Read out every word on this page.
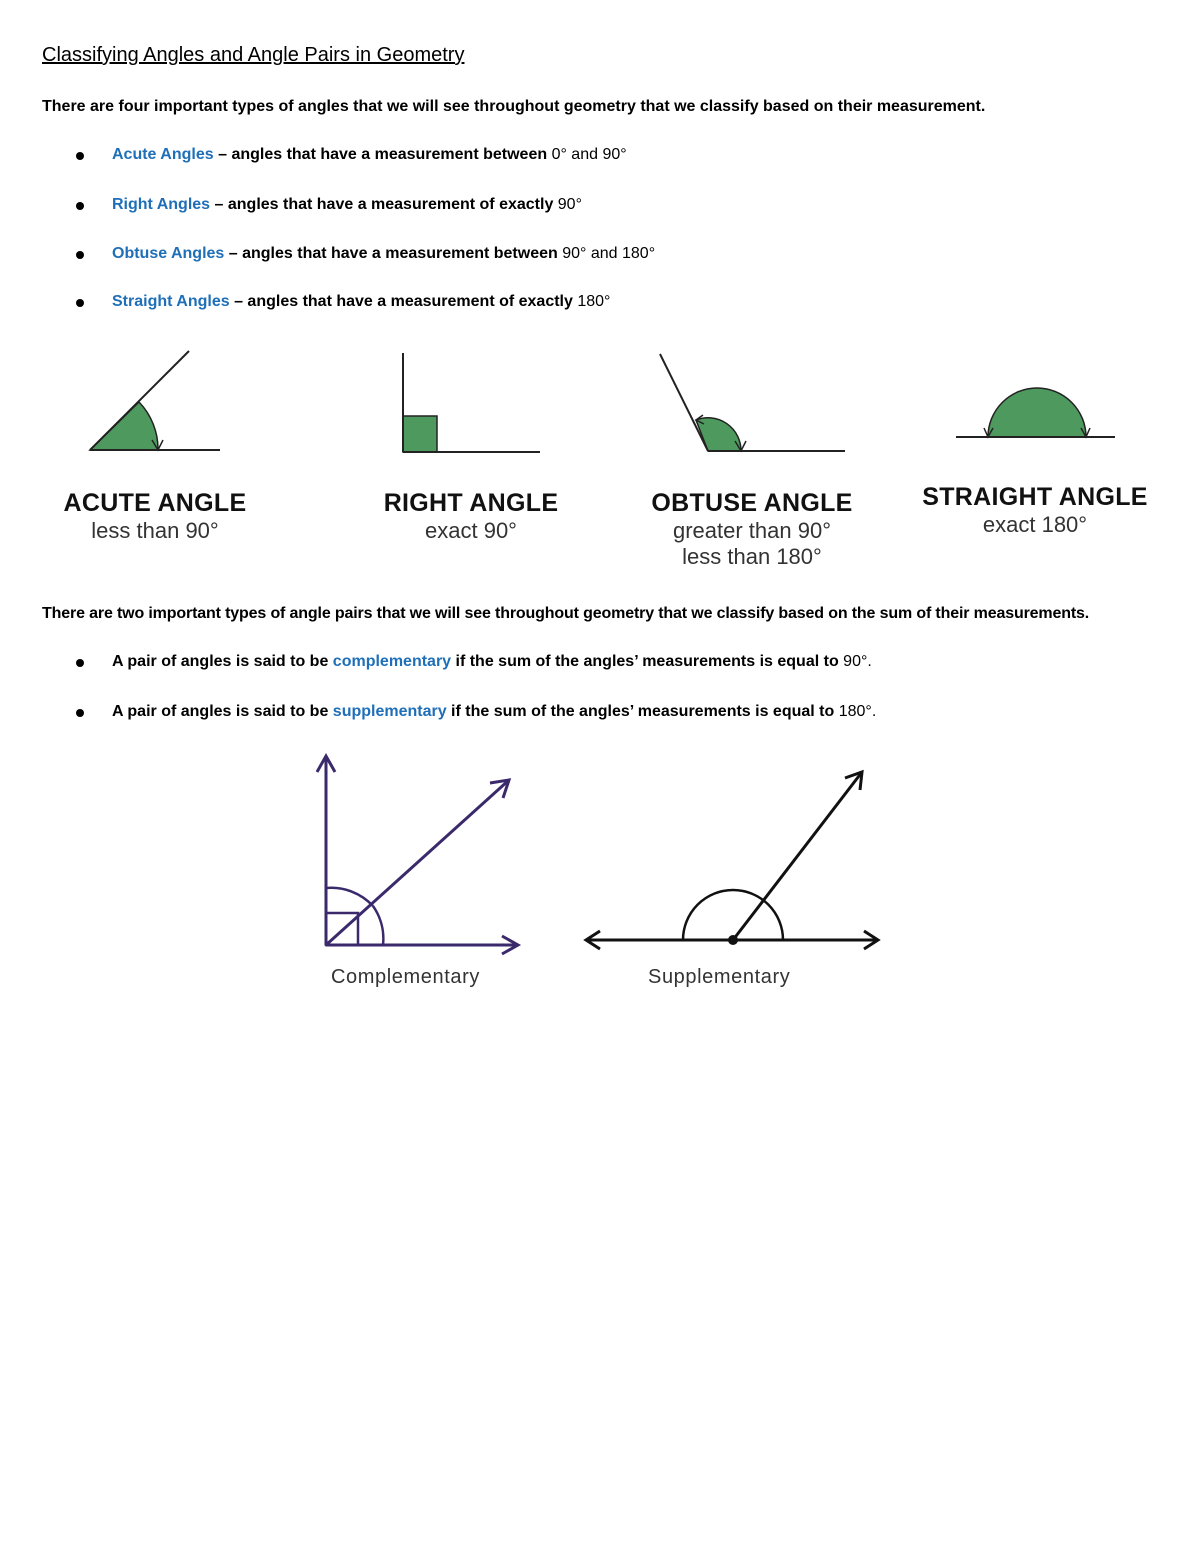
Classifying Angles and Angle Pairs in Geometry
There are four important types of angles that we will see throughout geometry that we classify based on their measurement.
Acute Angles – angles that have a measurement between 0° and 90°
Right Angles – angles that have a measurement of exactly 90°
Obtuse Angles – angles that have a measurement between 90° and 180°
Straight Angles – angles that have a measurement of exactly 180°
ACUTE ANGLE
less than 90°
RIGHT ANGLE
exact 90°
OBTUSE ANGLE
greater than 90°
less than 180°
STRAIGHT ANGLE
exact 180°
There are two important types of angle pairs that we will see throughout geometry that we classify based on the sum of their measurements.
A pair of angles is said to be complementary if the sum of the angles’ measurements is equal to 90°.
A pair of angles is said to be supplementary if the sum of the angles’ measurements is equal to 180°.
Complementary	Supplementary
